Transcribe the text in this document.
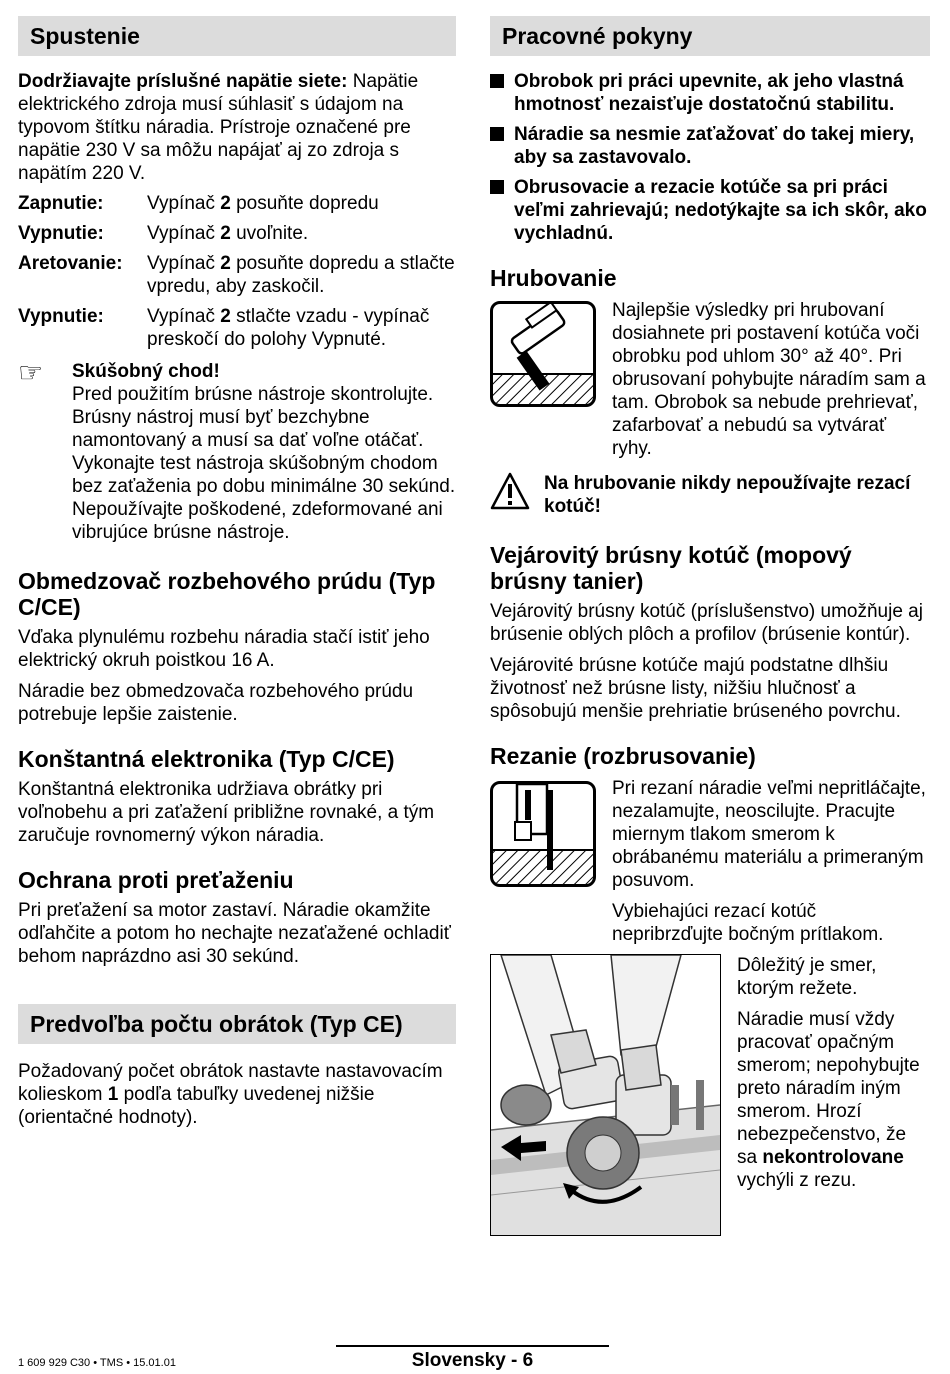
Spustenie

Dodržiavajte príslušné napätie siete: Napätie elektrického zdroja musí súhlasiť s údajom na typovom štítku náradia. Prístroje označené pre napätie 230 V sa môžu napájať aj zo zdroja s napätím 220 V.

Zapnutie:	Vypínač 2 posuňte dopredu
Vypnutie:	Vypínač 2 uvoľnite.
Aretovanie:	Vypínač 2 posuňte dopredu a stlačte vpredu, aby zaskočil.
Vypnutie:	Vypínač 2 stlačte vzadu - vypínač preskočí do polohy Vypnuté.
☞	Skúšobný chod!

Pred použitím brúsne nástroje skontrolujte. Brúsny nástroj musí byť bezchybne namontovaný a musí sa dať voľne otáčať. Vykonajte test nástroja skúšobným chodom bez zaťaženia po dobu minimálne 30 sekúnd. Nepoužívajte poškodené, zdeformované ani vibrujúce brúsne nástroje.

Obmedzovač rozbehového prúdu (Typ C/CE)

Vďaka plynulému rozbehu náradia stačí istiť jeho elektrický okruh poistkou 16 A.

Náradie bez obmedzovača rozbehového prúdu potrebuje lepšie zaistenie.

Konštantná elektronika (Typ C/CE)

Konštantná elektronika udržiava obrátky pri voľnobehu a pri zaťažení približne rovnaké, a tým zaručuje rovnomerný výkon náradia.

Ochrana proti preťaženiu

Pri preťažení sa motor zastaví. Náradie okamžite odľahčite a potom ho nechajte nezaťažené ochladiť behom naprázdno asi 30 sekúnd.

Predvoľba počtu obrátok (Typ CE)

Požadovaný počet obrátok nastavte nastavovacím kolieskom 1 podľa tabuľky uvedenej nižšie (orientačné hodnoty).

Pracovné pokyny
Obrobok pri práci upevnite, ak jeho vlastná hmotnosť nezaisťuje dostatočnú stabilitu.
Náradie sa nesmie zaťažovať do takej miery, aby sa zastavovalo.
Obrusovacie a rezacie kotúče sa pri práci veľmi zahrievajú; nedotýkajte sa ich skôr, ako vychladnú.
Hrubovanie

Najlepšie výsledky pri hrubovaní dosiahnete pri postavení kotúča voči obrobku pod uhlom 30° až 40°. Pri obrusovaní pohybujte náradím sam a tam. Obrobok sa nebude prehrievať, zafarbovať a nebudú sa vytvárať ryhy.

Na hrubovanie nikdy nepoužívajte rezací kotúč!

Vejárovitý brúsny kotúč (mopový brúsny tanier)

Vejárovitý brúsny kotúč (príslušenstvo) umožňuje aj brúsenie oblých plôch a profilov (brúsenie kontúr).

Vejárovité brúsne kotúče majú podstatne dlhšiu životnosť než brúsne listy, nižšiu hlučnosť a spôsobujú menšie prehriatie brúseného povrchu.

Rezanie (rozbrusovanie)

Pri rezaní náradie veľmi nepritláčajte, nezalamujte, neoscilujte. Pracujte miernym tlakom smerom k obrábanému materiálu a primeraným posuvom.

Vybiehajúci rezací kotúč nepribrzďujte bočným prítlakom.

Dôležitý je smer, ktorým režete.

Náradie musí vždy pracovať opačným smerom; nepohybujte preto náradím iným smerom. Hrozí nebezpečenstvo, že sa nekontrolovane vychýli z rezu.

1 609 929 C30 • TMS • 15.01.01	Slovensky - 6
